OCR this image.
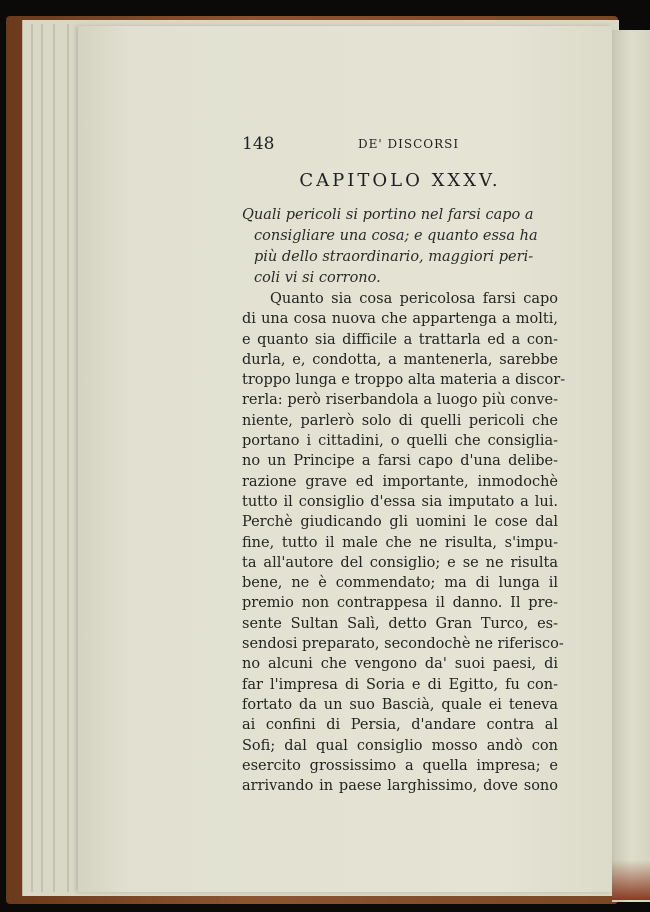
148	DE' DISCORSI
CAPITOLO XXXV.
Quali pericoli si portino nel farsi capo a
consigliare una cosa; e quanto essa ha
più dello straordinario, maggiori peri-
coli vi si corrono.
Quanto sia cosa pericolosa farsi capo
di una cosa nuova che appartenga a molti,
e quanto sia difficile a trattarla ed a con-
durla, e, condotta, a mantenerla, sarebbe
troppo lunga e troppo alta materia a discor-
rerla: però riserbandola a luogo più conve-
niente, parlerò solo di quelli pericoli che
portano i cittadini, o quelli che consiglia-
no un Principe a farsi capo d'una delibe-
razione grave ed importante, inmodochè
tutto il consiglio d'essa sia imputato a lui.
Perchè giudicando gli uomini le cose dal
fine, tutto il male che ne risulta, s'impu-
ta all'autore del consiglio; e se ne risulta
bene, ne è commendato; ma di lunga il
premio non contrappesa il danno. Il pre-
sente Sultan Salì, detto Gran Turco, es-
sendosi preparato, secondochè ne riferisco-
no alcuni che vengono da' suoi paesi, di
far l'impresa di Soria e di Egitto, fu con-
fortato da un suo Bascià, quale ei teneva
ai confini di Persia, d'andare contra al
Sofi; dal qual consiglio mosso andò con
esercito grossissimo a quella impresa; e
arrivando in paese larghissimo, dove sono
